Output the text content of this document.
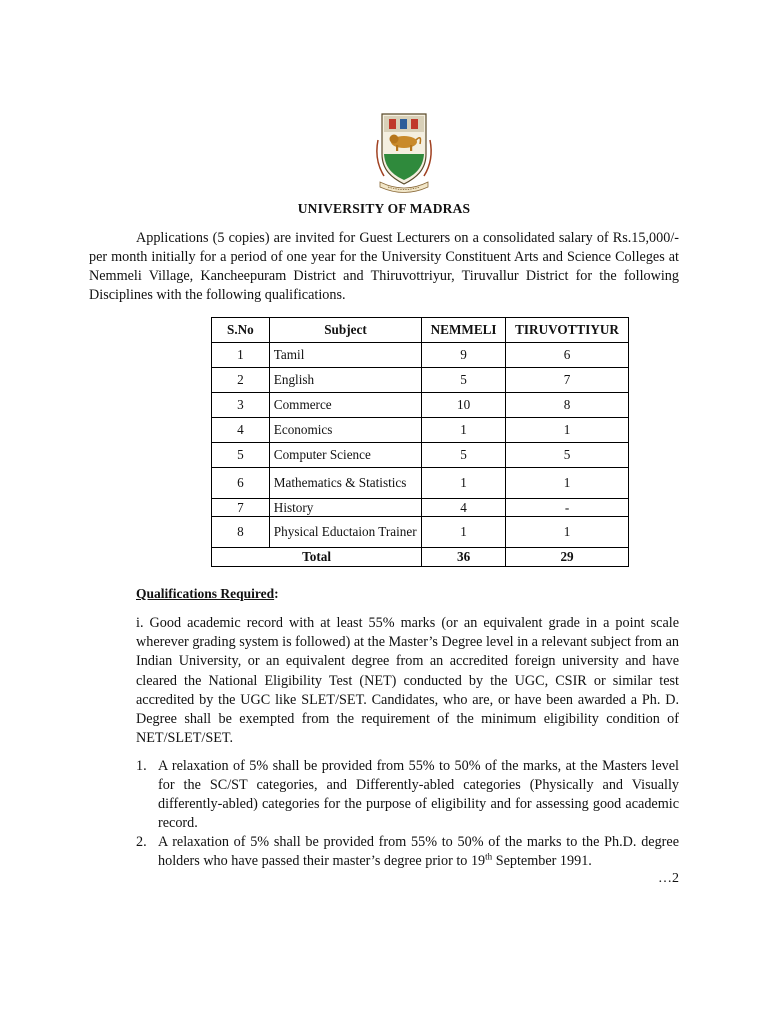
UNIVERSITY OF MADRAS

Applications (5 copies) are invited for Guest Lecturers on a consolidated salary of Rs.15,000/- per month initially for a period of one year for the University Constituent Arts and Science Colleges at Nemmeli Village, Kancheepuram District and Thiruvottriyur, Tiruvallur District for the following Disciplines with the following qualifications.

S.No	Subject	NEMMELI	TIRUVOTTIYUR
1	Tamil	9	6
2	English	5	7
3	Commerce	10	8
4	Economics	1	1
5	Computer Science	5	5
6	Mathematics & Statistics	1	1
7	History	4	-
8	Physical Eductaion Trainer	1	1
Total		36	29
Qualifications Required:

i. Good academic record with at least 55% marks (or an equivalent grade in a point scale wherever grading system is followed) at the Master’s Degree level in a relevant subject from an Indian University, or an equivalent degree from an accredited foreign university and have cleared the National Eligibility Test (NET) conducted by the UGC, CSIR or similar test accredited by the UGC like SLET/SET. Candidates, who are, or have been awarded a Ph. D. Degree shall be exempted from the requirement of the minimum eligibility condition of NET/SLET/SET.

1. A relaxation of 5% shall be provided from 55% to 50% of the marks, at the Masters level for the SC/ST categories, and Differently-abled categories (Physically and Visually differently-abled) categories for the purpose of eligibility and for assessing good academic record.
2. A relaxation of 5% shall be provided from 55% to 50% of the marks to the Ph.D. degree holders who have passed their master’s degree prior to 19th September 1991.
…2
